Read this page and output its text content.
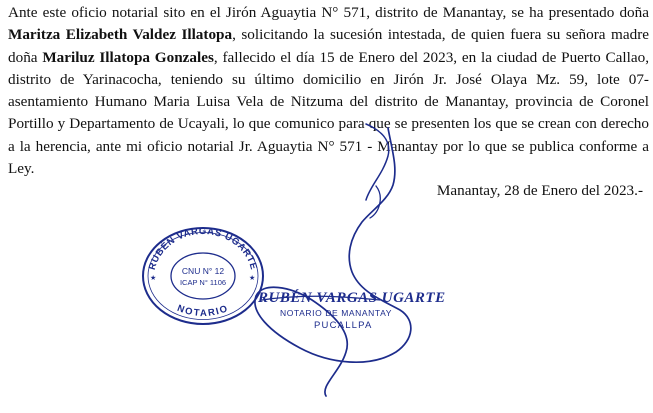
Ante este oficio notarial sito en el Jirón Aguaytia N° 571, distrito de Manantay, se ha presentado doña Maritza Elizabeth Valdez Illatopa, solicitando la sucesión intestada, de quien fuera su señora madre doña Mariluz Illatopa Gonzales, fallecido el día 15 de Enero del 2023, en la ciudad de Puerto Callao, distrito de Yarinacocha, teniendo su último domicilio en Jirón Jr. José Olaya Mz. 59, lote 07- asentamiento Humano Maria Luisa Vela de Nitzuma del distrito de Manantay, provincia de Coronel Portillo y Departamento de Ucayali, lo que comunico para que se presenten los que se crean con derecho a la herencia, ante mi oficio notarial Jr. Aguaytia N° 571 - Manantay por lo que se publica conforme a Ley.

Manantay, 28 de Enero del 2023.-

RUBÉN VARGAS UGARTE
NOTARIO
CNU N° 12
ICAP N° 1106
★	★
RUBÉN VARGAS UGARTE
NOTARIO DE MANANTAY
PUCALLPA
